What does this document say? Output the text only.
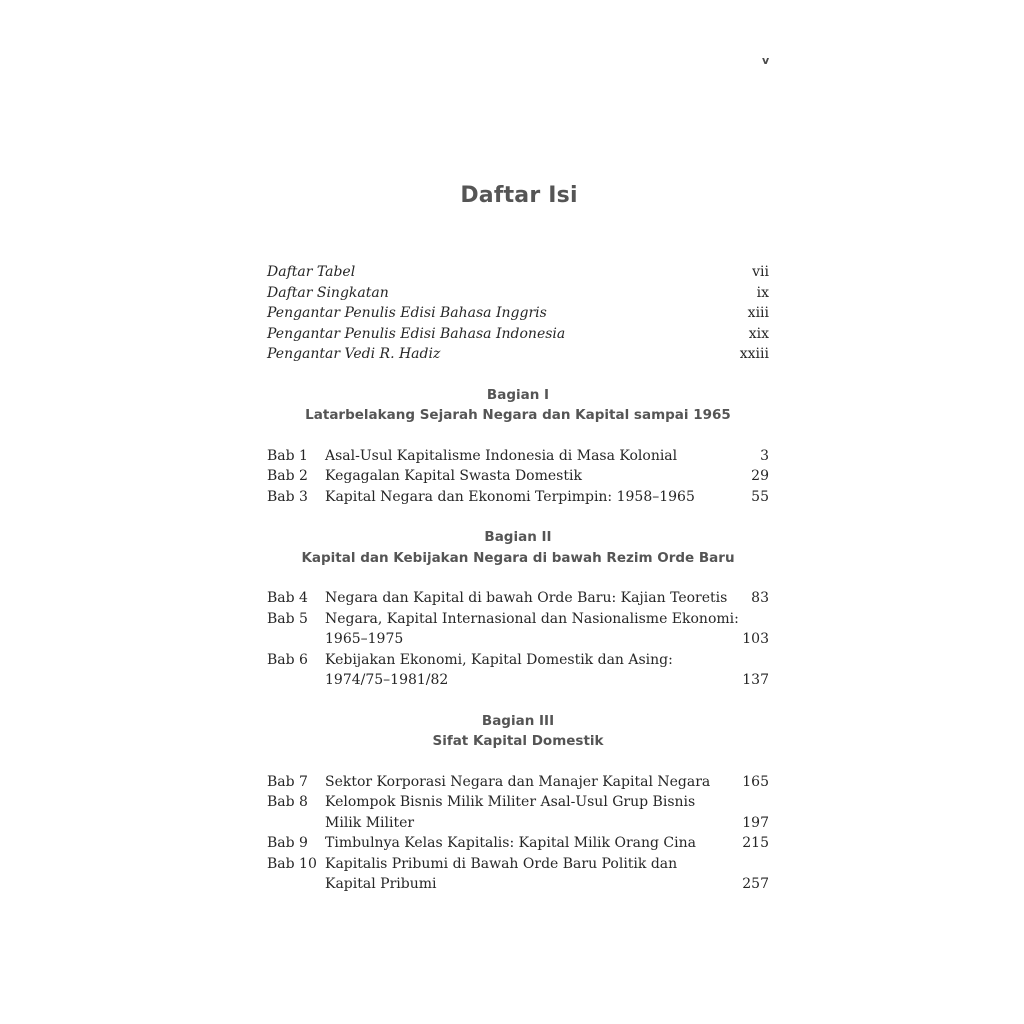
v
Daftar Isi
Daftar Tabel	vii
Daftar Singkatan	ix
Pengantar Penulis Edisi Bahasa Inggris	xiii
Pengantar Penulis Edisi Bahasa Indonesia	xix
Pengantar Vedi R. Hadiz	xxiii
Bagian I
Latarbelakang Sejarah Negara dan Kapital sampai 1965
Bab 1	Asal-Usul Kapitalisme Indonesia di Masa Kolonial	3
Bab 2	Kegagalan Kapital Swasta Domestik	29
Bab 3	Kapital Negara dan Ekonomi Terpimpin: 1958–1965	55
Bagian II
Kapital dan Kebijakan Negara di bawah Rezim Orde Baru
Bab 4	Negara dan Kapital di bawah Orde Baru: Kajian Teoretis	83
Bab 5	Negara, Kapital Internasional dan Nasionalisme Ekonomi:
1965–1975	103
Bab 6	Kebijakan Ekonomi, Kapital Domestik dan Asing:
1974/75–1981/82	137
Bagian III
Sifat Kapital Domestik
Bab 7	Sektor Korporasi Negara dan Manajer Kapital Negara	165
Bab 8	Kelompok Bisnis Milik Militer Asal-Usul Grup Bisnis
Milik Militer	197
Bab 9	Timbulnya Kelas Kapitalis: Kapital Milik Orang Cina	215
Bab 10 Kapitalis Pribumi di Bawah Orde Baru Politik dan
Kapital Pribumi	257
